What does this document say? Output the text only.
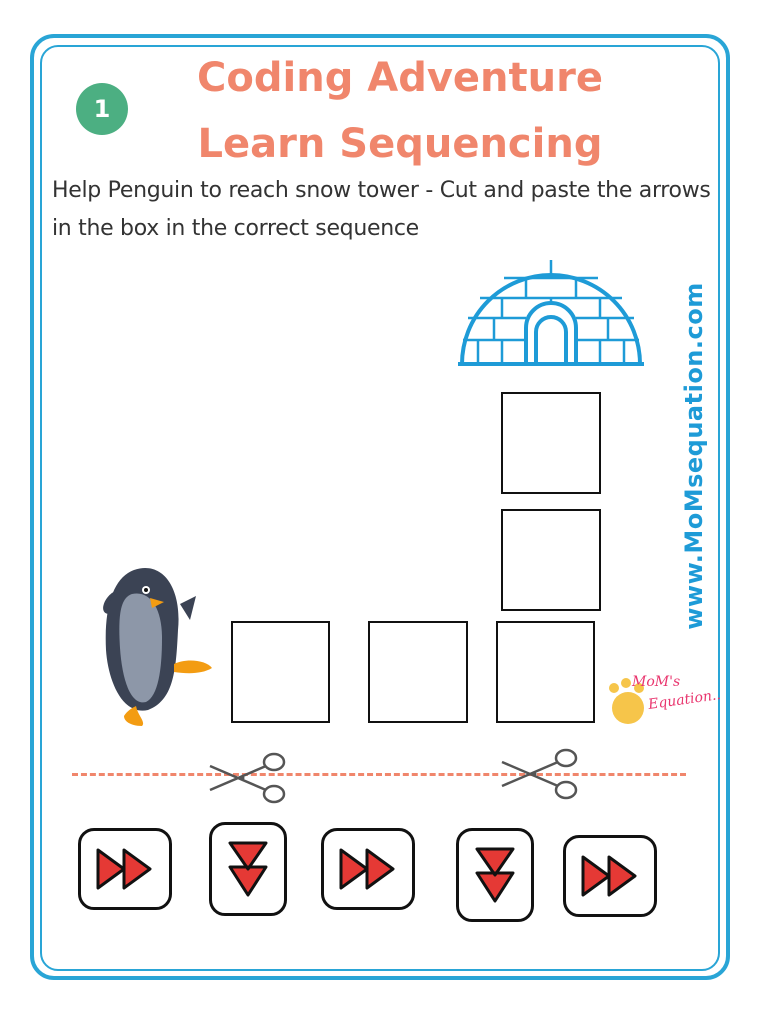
1
Coding Adventure
Learn Sequencing
Help Penguin to reach snow tower - Cut and paste the arrows in the box in the correct sequence
www.MoMsequation.com
MoM's
Equation..
